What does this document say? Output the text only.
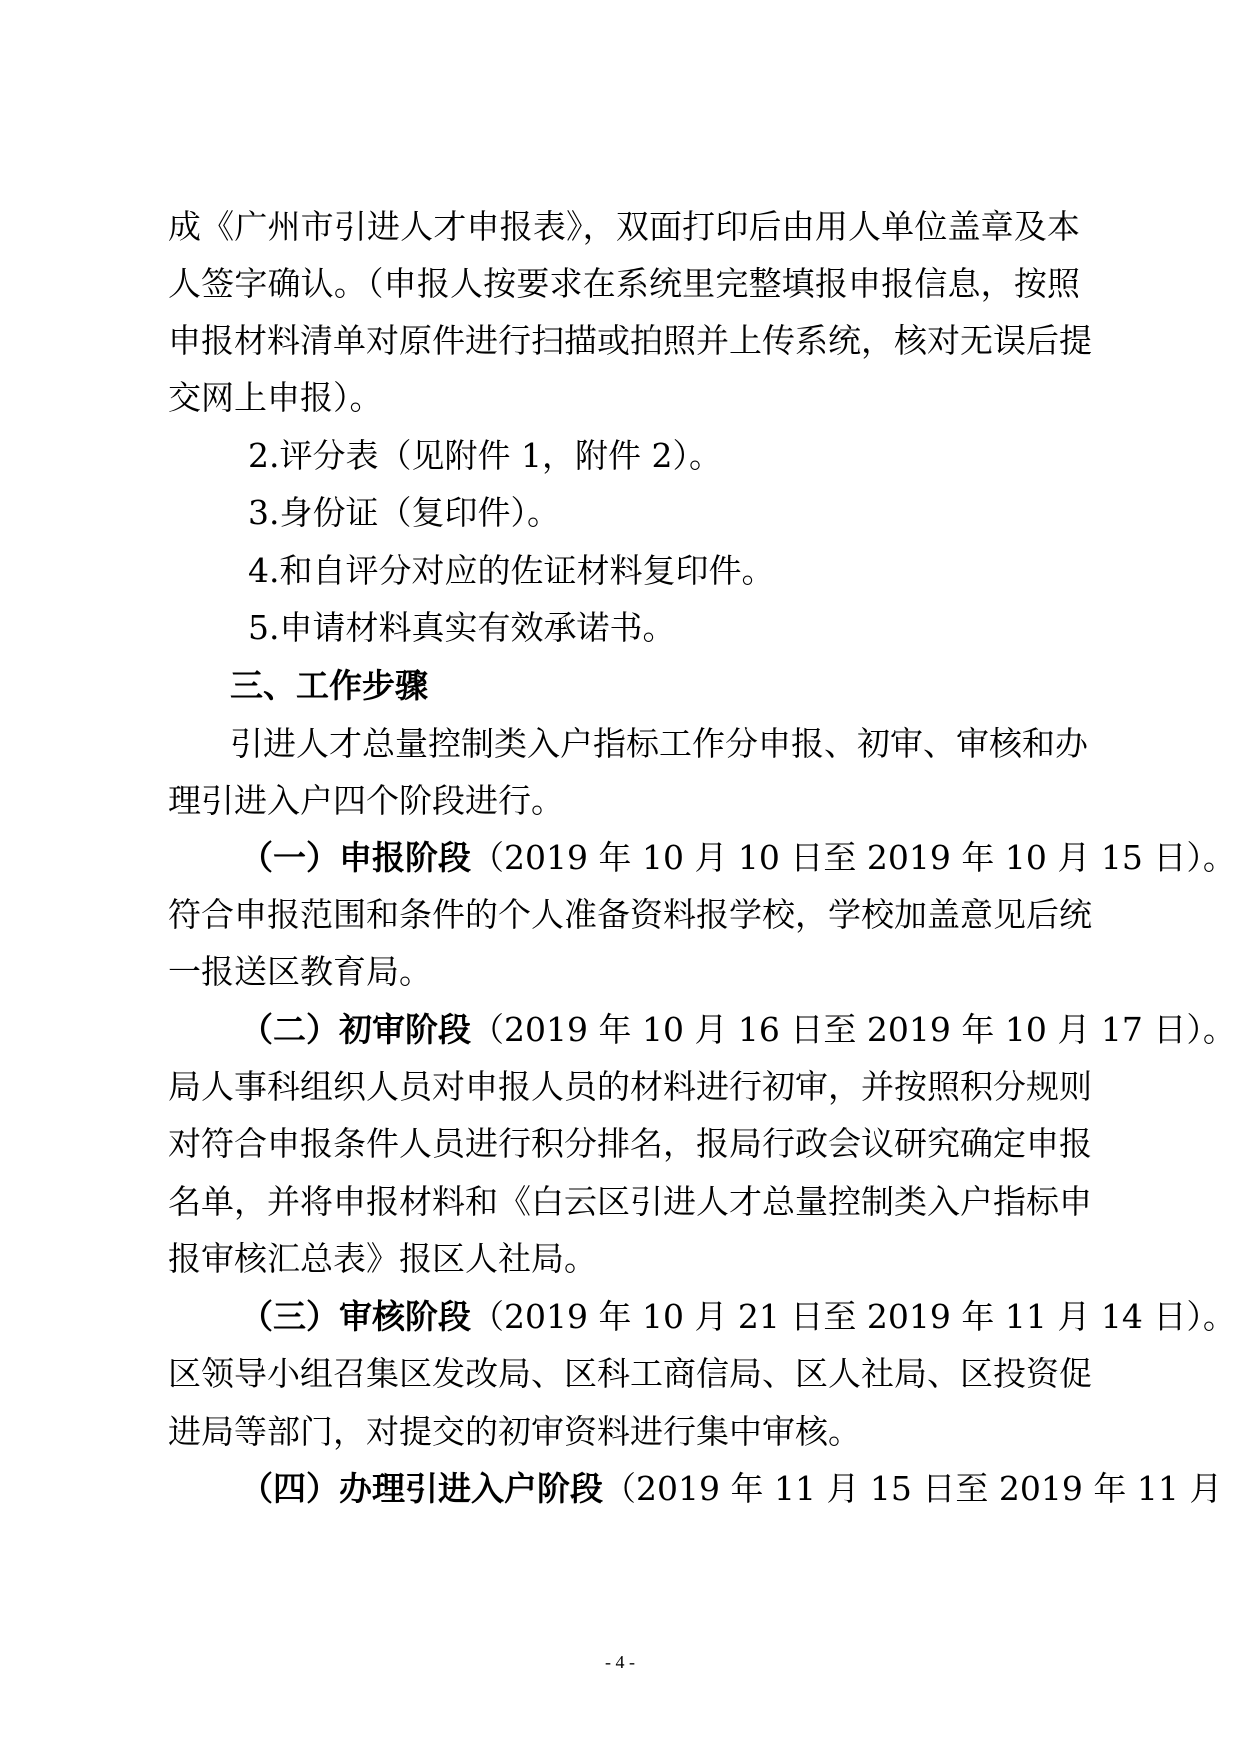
成《广州市引进人才申报表》，双面打印后由用人单位盖章及本
人签字确认。（申报人按要求在系统里完整填报申报信息，按照
申报材料清单对原件进行扫描或拍照并上传系统，核对无误后提
交网上申报）。
2.评分表（见附件 1，附件 2）。
3.身份证（复印件）。
4.和自评分对应的佐证材料复印件。
5.申请材料真实有效承诺书。
三、工作步骤
引进人才总量控制类入户指标工作分申报、初审、审核和办
理引进入户四个阶段进行。
（一）申报阶段（2019 年 10 月 10 日至 2019 年 10 月 15 日）。
符合申报范围和条件的个人准备资料报学校，学校加盖意见后统
一报送区教育局。
（二）初审阶段（2019 年 10 月 16 日至 2019 年 10 月 17 日）。
局人事科组织人员对申报人员的材料进行初审，并按照积分规则
对符合申报条件人员进行积分排名，报局行政会议研究确定申报
名单，并将申报材料和《白云区引进人才总量控制类入户指标申
报审核汇总表》报区人社局。
（三）审核阶段（2019 年 10 月 21 日至 2019 年 11 月 14 日）。
区领导小组召集区发改局、区科工商信局、区人社局、区投资促
进局等部门，对提交的初审资料进行集中审核。
（四）办理引进入户阶段（2019 年 11 月 15 日至 2019 年 11 月
- 4 -
